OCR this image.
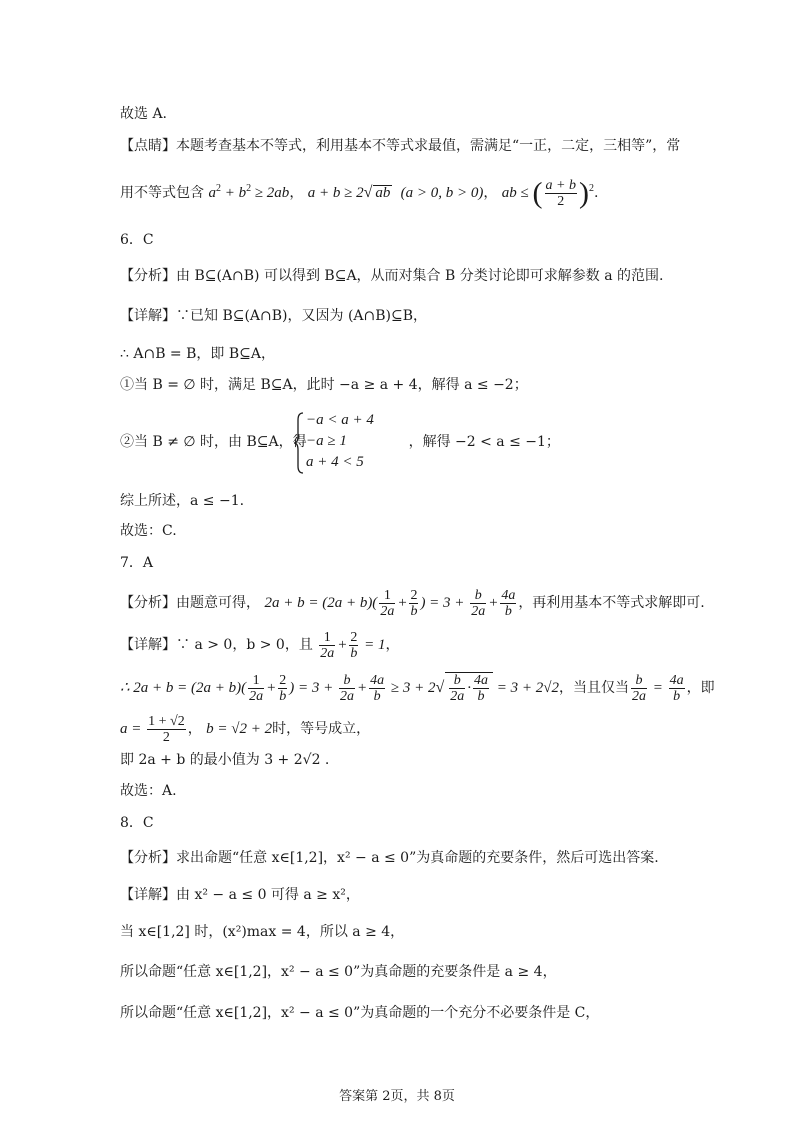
故选 A.
【点睛】本题考查基本不等式，利用基本不等式求最值，需满足“一正，二定，三相等”，常
用不等式包含 $a^2 + b^2 \ge 2ab$， a + b ≥ 2√ ab  (a > 0, b > 0)， ab ≤ ( $\frac{a + b}{2} )^2$.
6．C
【分析】由 B⊆(A∩B) 可以得到 B⊆A，从而对集合 B 分类讨论即可求解参数 a 的范围.
【详解】∵已知 B⊆(A∩B)，又因为 (A∩B)⊆B，
∴ A∩B = B，即 B⊆A，
①当 B = ∅ 时，满足 B⊆A，此时 −a ≥ a + 4，解得 a ≤ −2；
②当 B ≠ ∅ 时，由 B⊆A，得	，解得 −2 < a ≤ −1；
−a < a + 4
−a ≥ 1
a + 4 < 5
综上所述，a ≤ −1.
故选：C.
7．A
【分析】由题意可得， $2a + b = (2a + b)( \frac{1}{2a} + \frac{2}{b}$ ) = $3 + \frac{b}{2a} + \frac{4a}{b}$ ，再利用基本不等式求解即可.
【详解】∵ a > 0，b > 0，且 $\frac{1}{2a} + \frac{2}{b} = 1$，
∴ $2a + b = (2a + b)( \frac{1}{2a} + \frac{2}{b}$ ) = $3 + \frac{b}{2a} + \frac{4a}{b} \ge 3 + 2√ \frac{b}{2a} \cdot \frac{4a}{b} = 3 + 2√2$，当且仅当 $\frac{b}{2a} = \frac{4a}{b}$ ，即
$a = \frac{1 + √2}{2}$ ， b = √2 + 2时，等号成立，
即 2a + b 的最小值为 3 + 2√2 .
故选：A.
8．C
【分析】求出命题“任意 x∈[1,2]，x² − a ≤ 0”为真命题的充要条件，然后可选出答案.
【详解】由 x² − a ≤ 0 可得 a ≥ x²，
当 x∈[1,2] 时，(x²)max = 4，所以 a ≥ 4，
所以命题“任意 x∈[1,2]，x² − a ≤ 0”为真命题的充要条件是 a ≥ 4，
所以命题“任意 x∈[1,2]，x² − a ≤ 0”为真命题的一个充分不必要条件是 C，
答案第 2页，共 8页
